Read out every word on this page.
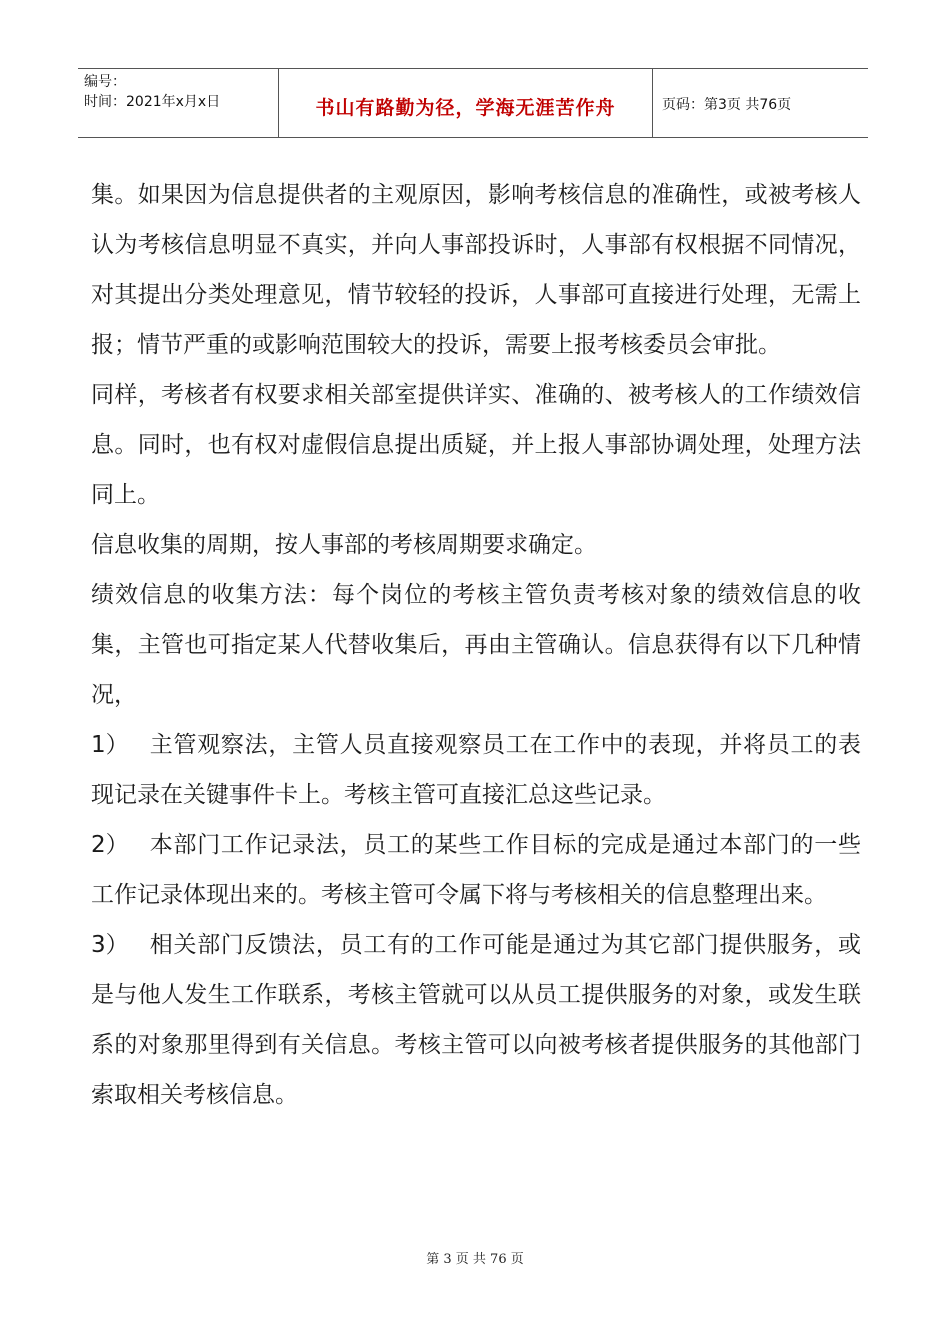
编号：
时间：2021年x月x日	书山有路勤为径，学海无涯苦作舟	页码：第3页 共76页

集。如果因为信息提供者的主观原因，影响考核信息的准确性，或被考核人认为考核信息明显不真实，并向人事部投诉时，人事部有权根据不同情况，对其提出分类处理意见，情节较轻的投诉，人事部可直接进行处理，无需上报；情节严重的或影响范围较大的投诉，需要上报考核委员会审批。

同样，考核者有权要求相关部室提供详实、准确的、被考核人的工作绩效信息。同时，也有权对虚假信息提出质疑，并上报人事部协调处理，处理方法同上。

信息收集的周期，按人事部的考核周期要求确定。

绩效信息的收集方法：每个岗位的考核主管负责考核对象的绩效信息的收集，主管也可指定某人代替收集后，再由主管确认。信息获得有以下几种情况，

1） 主管观察法，主管人员直接观察员工在工作中的表现，并将员工的表现记录在关键事件卡上。考核主管可直接汇总这些记录。

2） 本部门工作记录法，员工的某些工作目标的完成是通过本部门的一些工作记录体现出来的。考核主管可令属下将与考核相关的信息整理出来。

3） 相关部门反馈法，员工有的工作可能是通过为其它部门提供服务，或是与他人发生工作联系，考核主管就可以从员工提供服务的对象，或发生联系的对象那里得到有关信息。考核主管可以向被考核者提供服务的其他部门索取相关考核信息。

第 3 页 共 76 页
